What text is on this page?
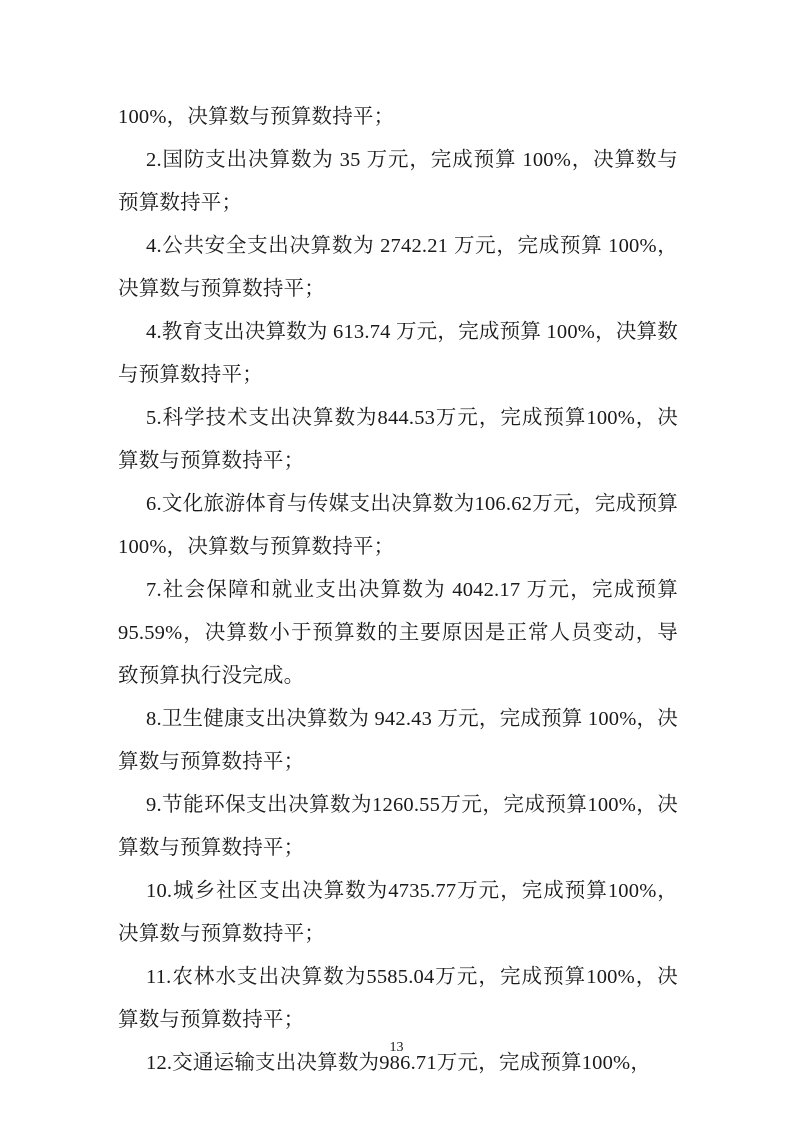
100%，决算数与预算数持平；

2.国防支出决算数为 35 万元，完成预算 100%，决算数与预算数持平；

4.公共安全支出决算数为 2742.21 万元，完成预算 100%，决算数与预算数持平；

4.教育支出决算数为 613.74 万元，完成预算 100%，决算数与预算数持平；

5.科学技术支出决算数为844.53万元，完成预算100%，决算数与预算数持平；

6.文化旅游体育与传媒支出决算数为106.62万元，完成预算100%，决算数与预算数持平；

7.社会保障和就业支出决算数为 4042.17 万元，完成预算 95.59%，决算数小于预算数的主要原因是正常人员变动，导致预算执行没完成。

8.卫生健康支出决算数为 942.43 万元，完成预算 100%，决算数与预算数持平；

9.节能环保支出决算数为1260.55万元，完成预算100%，决算数与预算数持平；

10.城乡社区支出决算数为4735.77万元，完成预算100%，决算数与预算数持平；

11.农林水支出决算数为5585.04万元，完成预算100%，决算数与预算数持平；

12.交通运输支出决算数为986.71万元，完成预算100%，

13
